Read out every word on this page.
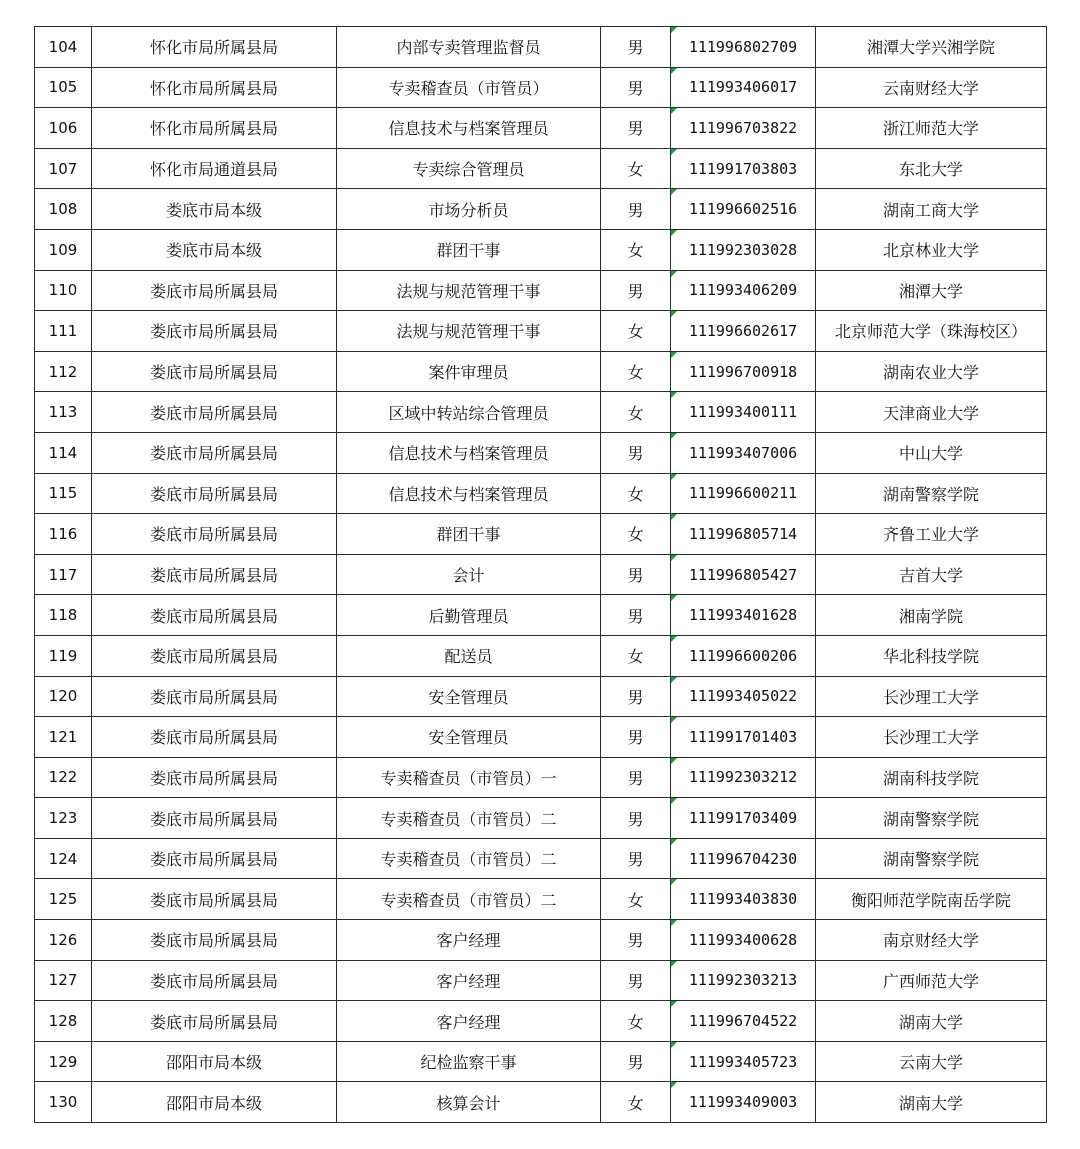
104	怀化市局所属县局	内部专卖管理监督员	男	111996802709	湘潭大学兴湘学院
105	怀化市局所属县局	专卖稽查员（市管员）	男	111993406017	云南财经大学
106	怀化市局所属县局	信息技术与档案管理员	男	111996703822	浙江师范大学
107	怀化市局通道县局	专卖综合管理员	女	111991703803	东北大学
108	娄底市局本级	市场分析员	男	111996602516	湖南工商大学
109	娄底市局本级	群团干事	女	111992303028	北京林业大学
110	娄底市局所属县局	法规与规范管理干事	男	111993406209	湘潭大学
111	娄底市局所属县局	法规与规范管理干事	女	111996602617	北京师范大学（珠海校区）
112	娄底市局所属县局	案件审理员	女	111996700918	湖南农业大学
113	娄底市局所属县局	区域中转站综合管理员	女	111993400111	天津商业大学
114	娄底市局所属县局	信息技术与档案管理员	男	111993407006	中山大学
115	娄底市局所属县局	信息技术与档案管理员	女	111996600211	湖南警察学院
116	娄底市局所属县局	群团干事	女	111996805714	齐鲁工业大学
117	娄底市局所属县局	会计	男	111996805427	吉首大学
118	娄底市局所属县局	后勤管理员	男	111993401628	湘南学院
119	娄底市局所属县局	配送员	女	111996600206	华北科技学院
120	娄底市局所属县局	安全管理员	男	111993405022	长沙理工大学
121	娄底市局所属县局	安全管理员	男	111991701403	长沙理工大学
122	娄底市局所属县局	专卖稽查员（市管员）一	男	111992303212	湖南科技学院
123	娄底市局所属县局	专卖稽查员（市管员）二	男	111991703409	湖南警察学院
124	娄底市局所属县局	专卖稽查员（市管员）二	男	111996704230	湖南警察学院
125	娄底市局所属县局	专卖稽查员（市管员）二	女	111993403830	衡阳师范学院南岳学院
126	娄底市局所属县局	客户经理	男	111993400628	南京财经大学
127	娄底市局所属县局	客户经理	男	111992303213	广西师范大学
128	娄底市局所属县局	客户经理	女	111996704522	湖南大学
129	邵阳市局本级	纪检监察干事	男	111993405723	云南大学
130	邵阳市局本级	核算会计	女	111993409003	湖南大学
